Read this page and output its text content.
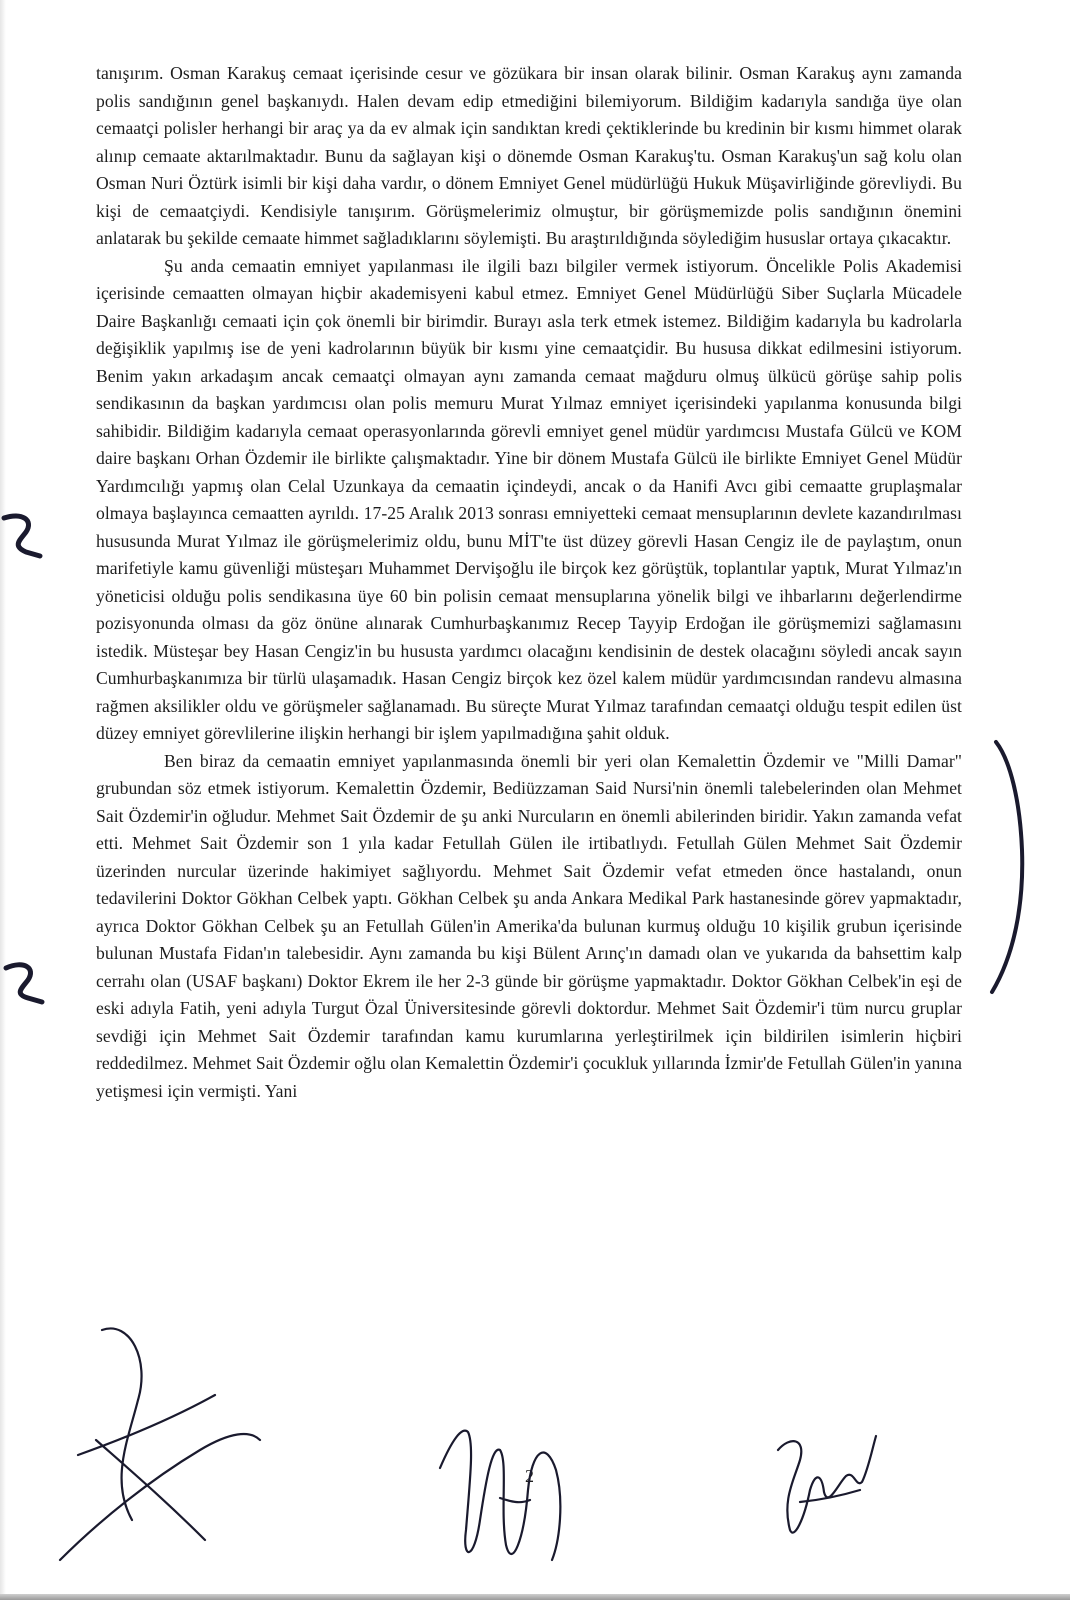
tanışırım. Osman Karakuş cemaat içerisinde cesur ve gözükara bir insan olarak bilinir. Osman Karakuş aynı zamanda polis sandığının genel başkanıydı. Halen devam edip etmediğini bilemiyorum. Bildiğim kadarıyla sandığa üye olan cemaatçi polisler herhangi bir araç ya da ev almak için sandıktan kredi çektiklerinde bu kredinin bir kısmı himmet olarak alınıp cemaate aktarılmaktadır. Bunu da sağlayan kişi o dönemde Osman Karakuş'tu. Osman Karakuş'un sağ kolu olan Osman Nuri Öztürk isimli bir kişi daha vardır, o dönem Emniyet Genel müdürlüğü Hukuk Müşavirliğinde görevliydi. Bu kişi de cemaatçiydi. Kendisiyle tanışırım. Görüşmelerimiz olmuştur, bir görüşmemizde polis sandığının önemini anlatarak bu şekilde cemaate himmet sağladıklarını söylemişti. Bu araştırıldığında söylediğim hususlar ortaya çıkacaktır.

Şu anda cemaatin emniyet yapılanması ile ilgili bazı bilgiler vermek istiyorum. Öncelikle Polis Akademisi içerisinde cemaatten olmayan hiçbir akademisyeni kabul etmez. Emniyet Genel Müdürlüğü Siber Suçlarla Mücadele Daire Başkanlığı cemaati için çok önemli bir birimdir. Burayı asla terk etmek istemez. Bildiğim kadarıyla bu kadrolarla değişiklik yapılmış ise de yeni kadrolarının büyük bir kısmı yine cemaatçidir. Bu hususa dikkat edilmesini istiyorum. Benim yakın arkadaşım ancak cemaatçi olmayan aynı zamanda cemaat mağduru olmuş ülkücü görüşe sahip polis sendikasının da başkan yardımcısı olan polis memuru Murat Yılmaz emniyet içerisindeki yapılanma konusunda bilgi sahibidir. Bildiğim kadarıyla cemaat operasyonlarında görevli emniyet genel müdür yardımcısı Mustafa Gülcü ve KOM daire başkanı Orhan Özdemir ile birlikte çalışmaktadır. Yine bir dönem Mustafa Gülcü ile birlikte Emniyet Genel Müdür Yardımcılığı yapmış olan Celal Uzunkaya da cemaatin içindeydi, ancak o da Hanifi Avcı gibi cemaatte gruplaşmalar olmaya başlayınca cemaatten ayrıldı. 17-25 Aralık 2013 sonrası emniyetteki cemaat mensuplarının devlete kazandırılması hususunda Murat Yılmaz ile görüşmelerimiz oldu, bunu MİT'te üst düzey görevli Hasan Cengiz ile de paylaştım, onun marifetiyle kamu güvenliği müsteşarı Muhammet Dervişoğlu ile birçok kez görüştük, toplantılar yaptık, Murat Yılmaz'ın yöneticisi olduğu polis sendikasına üye 60 bin polisin cemaat mensuplarına yönelik bilgi ve ihbarlarını değerlendirme pozisyonunda olması da göz önüne alınarak Cumhurbaşkanımız Recep Tayyip Erdoğan ile görüşmemizi sağlamasını istedik. Müsteşar bey Hasan Cengiz'in bu hususta yardımcı olacağını kendisinin de destek olacağını söyledi ancak sayın Cumhurbaşkanımıza bir türlü ulaşamadık. Hasan Cengiz birçok kez özel kalem müdür yardımcısından randevu almasına rağmen aksilikler oldu ve görüşmeler sağlanamadı. Bu süreçte Murat Yılmaz tarafından cemaatçi olduğu tespit edilen üst düzey emniyet görevlilerine ilişkin herhangi bir işlem yapılmadığına şahit olduk.

Ben biraz da cemaatin emniyet yapılanmasında önemli bir yeri olan Kemalettin Özdemir ve "Milli Damar" grubundan söz etmek istiyorum. Kemalettin Özdemir, Bediüzzaman Said Nursi'nin önemli talebelerinden olan Mehmet Sait Özdemir'in oğludur. Mehmet Sait Özdemir de şu anki Nurcuların en önemli abilerinden biridir. Yakın zamanda vefat etti. Mehmet Sait Özdemir son 1 yıla kadar Fetullah Gülen ile irtibatlıydı. Fetullah Gülen Mehmet Sait Özdemir üzerinden nurcular üzerinde hakimiyet sağlıyordu. Mehmet Sait Özdemir vefat etmeden önce hastalandı, onun tedavilerini Doktor Gökhan Celbek yaptı. Gökhan Celbek şu anda Ankara Medikal Park hastanesinde görev yapmaktadır, ayrıca Doktor Gökhan Celbek şu an Fetullah Gülen'in Amerika'da bulunan kurmuş olduğu 10 kişilik grubun içerisinde bulunan Mustafa Fidan'ın talebesidir. Aynı zamanda bu kişi Bülent Arınç'ın damadı olan ve yukarıda da bahsettim kalp cerrahı olan (USAF başkanı) Doktor Ekrem ile her 2-3 günde bir görüşme yapmaktadır. Doktor Gökhan Celbek'in eşi de eski adıyla Fatih, yeni adıyla Turgut Özal Üniversitesinde görevli doktordur. Mehmet Sait Özdemir'i tüm nurcu gruplar sevdiği için Mehmet Sait Özdemir tarafından kamu kurumlarına yerleştirilmek için bildirilen isimlerin hiçbiri reddedilmez. Mehmet Sait Özdemir oğlu olan Kemalettin Özdemir'i çocukluk yıllarında İzmir'de Fetullah Gülen'in yanına yetişmesi için vermişti. Yani

2
